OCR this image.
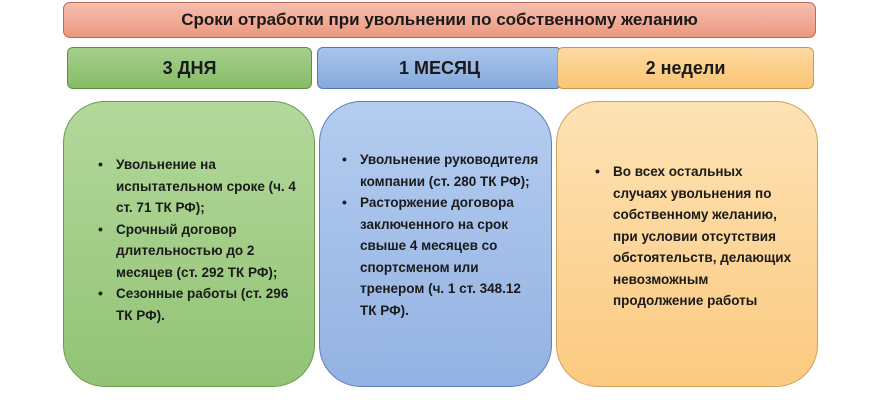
Сроки отработки при увольнении по собственному желанию
3 ДНЯ	1 МЕСЯЦ	2 недели
• Увольнение на испытательном сроке (ч. 4 ст. 71 ТК РФ);
• Срочный договор длительностью до 2 месяцев (ст. 292 ТК РФ);
• Сезонные работы (ст. 296 ТК РФ).
• Увольнение руководителя компании (ст. 280 ТК РФ);
• Расторжение договора заключенного на срок свыше 4 месяцев со спортсменом или тренером (ч. 1 ст. 348.12 ТК РФ).
• Во всех остальных случаях увольнения по собственному желанию, при условии отсутствия обстоятельств, делающих невозможным продолжение работы
